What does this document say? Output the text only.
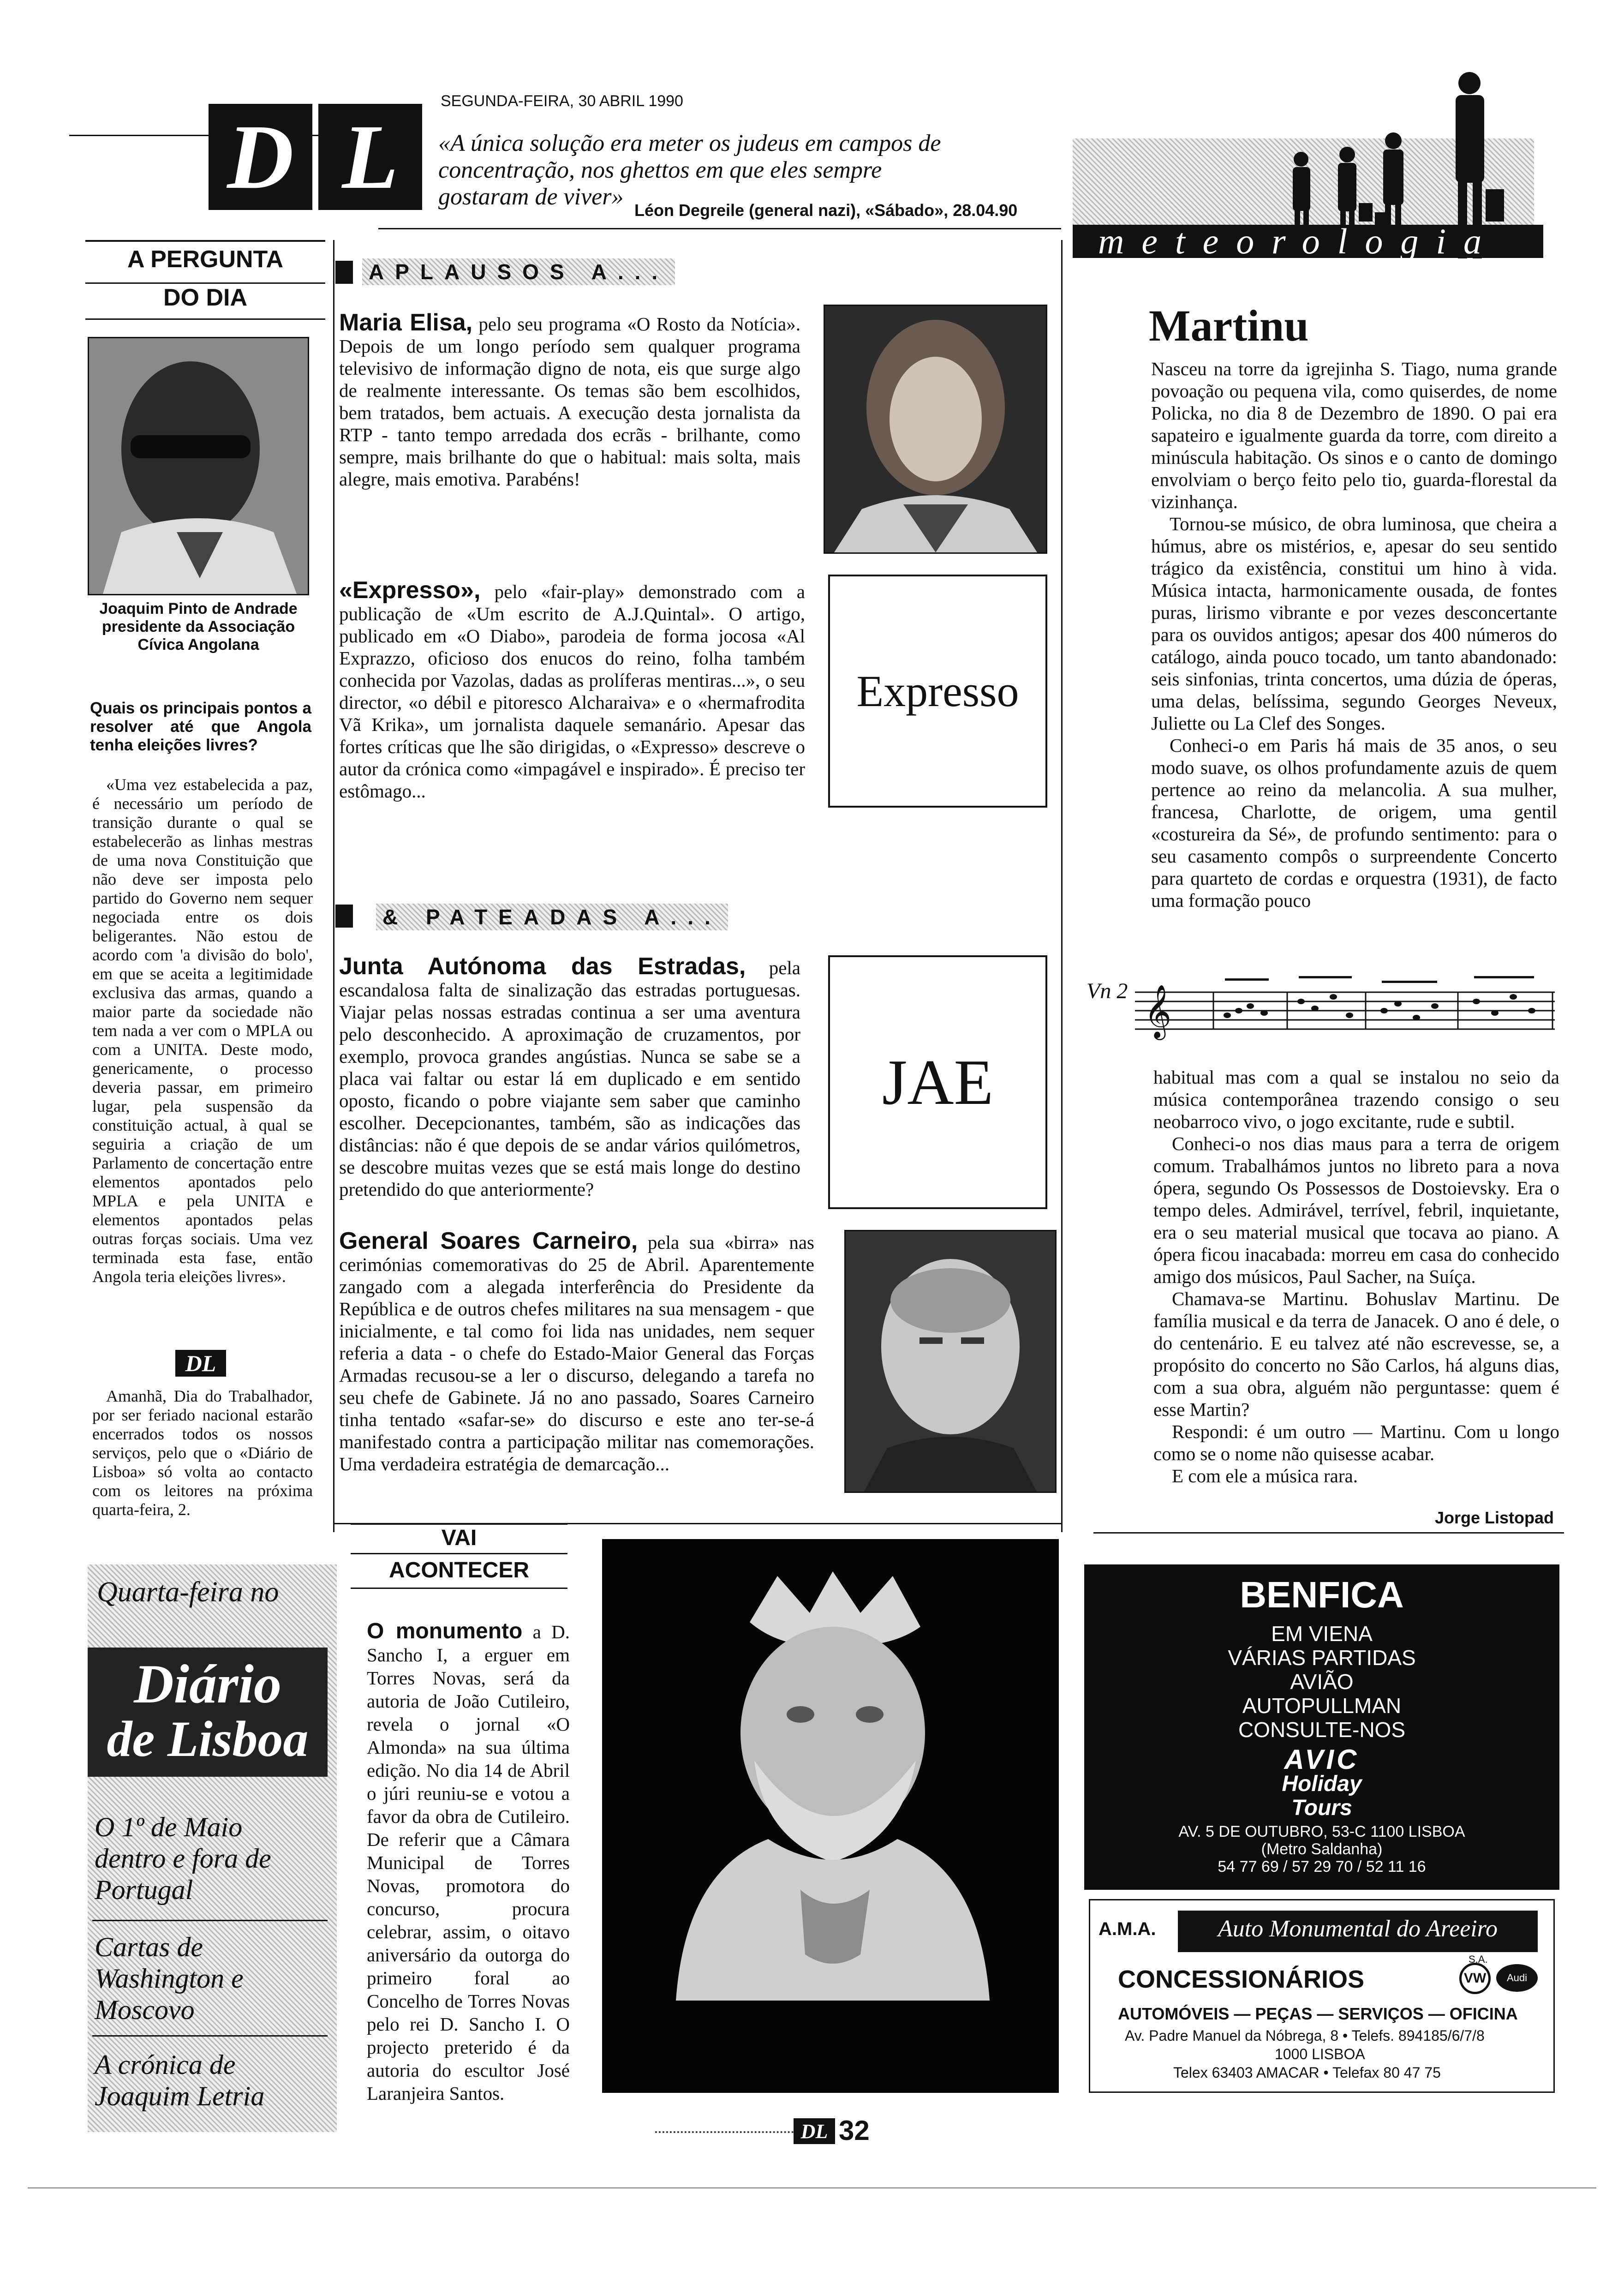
D L
SEGUNDA-FEIRA, 30 ABRIL 1990
«A única solução era meter os judeus em campos de concentração, nos ghettos em que eles sempre gostaram de viver»
Léon Degreile (general nazi), «Sábado», 28.04.90
meteorologia
A PERGUNTA
DO DIA
Joaquim Pinto de Andrade presidente da Associação Cívica Angolana
Quais os principais pontos a resolver até que Angola tenha eleições livres?
«Uma vez estabelecida a paz, é necessário um período de transição durante o qual se estabelecerão as linhas mestras de uma nova Constituição que não deve ser imposta pelo partido do Governo nem sequer negociada entre os dois beligerantes. Não estou de acordo com 'a divisão do bolo', em que se aceita a legitimidade exclusiva das armas, quando a maior parte da sociedade não tem nada a ver com o MPLA ou com a UNITA. Deste modo, genericamente, o processo deveria passar, em primeiro lugar, pela suspensão da constituição actual, à qual se seguiria a criação de um Parlamento de concertação entre elementos apontados pelo MPLA e pela UNITA e elementos apontados pelas outras forças sociais. Uma vez terminada esta fase, então Angola teria eleições livres».
DL
Amanhã, Dia do Trabalhador, por ser feriado nacional estarão encerrados todos os nossos serviços, pelo que o «Diário de Lisboa» só volta ao contacto com os leitores na próxima quarta-feira, 2.
Quarta-feira no
Diário
de Lisboa
O 1º de Maio dentro e fora de Portugal
Cartas de Washington e Moscovo
A crónica de Joaquim Letria
APLAUSOS A...
Maria Elisa, pelo seu programa «O Rosto da Notícia». Depois de um longo período sem qualquer programa televisivo de informação digno de nota, eis que surge algo de realmente interessante. Os temas são bem escolhidos, bem tratados, bem actuais. A execução desta jornalista da RTP - tanto tempo arredada dos ecrãs - brilhante, como sempre, mais brilhante do que o habitual: mais solta, mais alegre, mais emotiva. Parabéns!
«Expresso», pelo «fair-play» demonstrado com a publicação de «Um escrito de A.J.Quintal». O artigo, publicado em «O Diabo», parodeia de forma jocosa «Al Exprazzo, oficioso dos enucos do reino, folha também conhecida por Vazolas, dadas as prolíferas mentiras...», o seu director, «o débil e pitoresco Alcharaiva» e o «hermafrodita Vã Krika», um jornalista daquele semanário. Apesar das fortes críticas que lhe são dirigidas, o «Expresso» descreve o autor da crónica como «impagável e inspirado». É preciso ter estômago...
Expresso
& PATEADAS A...
Junta Autónoma das Estradas, pela escandalosa falta de sinalização das estradas portuguesas. Viajar pelas nossas estradas continua a ser uma aventura pelo desconhecido. A aproximação de cruzamentos, por exemplo, provoca grandes angústias. Nunca se sabe se a placa vai faltar ou estar lá em duplicado e em sentido oposto, ficando o pobre viajante sem saber que caminho escolher. Decepcionantes, também, são as indicações das distâncias: não é que depois de se andar vários quilómetros, se descobre muitas vezes que se está mais longe do destino pretendido do que anteriormente?
JAE
General Soares Carneiro, pela sua «birra» nas cerimónias comemorativas do 25 de Abril. Aparentemente zangado com a alegada interferência do Presidente da República e de outros chefes militares na sua mensagem - que inicialmente, e tal como foi lida nas unidades, nem sequer referia a data - o chefe do Estado-Maior General das Forças Armadas recusou-se a ler o discurso, delegando a tarefa no seu chefe de Gabinete. Já no ano passado, Soares Carneiro tinha tentado «safar-se» do discurso e este ano ter-se-á manifestado contra a participação militar nas comemorações. Uma verdadeira estratégia de demarcação...
VAI
ACONTECER
O monumento a D. Sancho I, a erguer em Torres Novas, será da autoria de João Cutileiro, revela o jornal «O Almonda» na sua última edição. No dia 14 de Abril o júri reuniu-se e votou a favor da obra de Cutileiro. De referir que a Câmara Municipal de Torres Novas, promotora do concurso, procura celebrar, assim, o oitavo aniversário da outorga do primeiro foral ao Concelho de Torres Novas pelo rei D. Sancho I. O projecto preterido é da autoria do escultor José Laranjeira Santos.
Martinu
Nasceu na torre da igrejinha S. Tiago, numa grande povoação ou pequena vila, como quiserdes, de nome Policka, no dia 8 de Dezembro de 1890. O pai era sapateiro e igualmente guarda da torre, com direito a minúscula habitação. Os sinos e o canto de domingo envolviam o berço feito pelo tio, guarda-florestal da vizinhança.
Tornou-se músico, de obra luminosa, que cheira a húmus, abre os mistérios, e, apesar do seu sentido trágico da existência, constitui um hino à vida. Música intacta, harmonicamente ousada, de fontes puras, lirismo vibrante e por vezes desconcertante para os ouvidos antigos; apesar dos 400 números do catálogo, ainda pouco tocado, um tanto abandonado: seis sinfonias, trinta concertos, uma dúzia de óperas, uma delas, belíssima, segundo Georges Neveux, Juliette ou La Clef des Songes.
Conheci-o em Paris há mais de 35 anos, o seu modo suave, os olhos profundamente azuis de quem pertence ao reino da melancolia. A sua mulher, francesa, Charlotte, de origem, uma gentil «costureira da Sé», de profundo sentimento: para o seu casamento compôs o surpreendente Concerto para quarteto de cordas e orquestra (1931), de facto uma formação pouco
Vn 2 𝄞
habitual mas com a qual se instalou no seio da música contemporânea trazendo consigo o seu neobarroco vivo, o jogo excitante, rude e subtil.
Conheci-o nos dias maus para a terra de origem comum. Trabalhámos juntos no libreto para a nova ópera, segundo Os Possessos de Dostoievsky. Era o tempo deles. Admirável, terrível, febril, inquietante, era o seu material musical que tocava ao piano. A ópera ficou inacabada: morreu em casa do conhecido amigo dos músicos, Paul Sacher, na Suíça.
Chamava-se Martinu. Bohuslav Martinu. De família musical e da terra de Janacek. O ano é dele, o do centenário. E eu talvez até não escrevesse, se, a propósito do concerto no São Carlos, há alguns dias, com a sua obra, alguém não perguntasse: quem é esse Martin?
Respondi: é um outro — Martinu. Com u longo como se o nome não quisesse acabar.
E com ele a música rara.
Jorge Listopad
BENFICA
EM VIENA
VÁRIAS PARTIDAS
AVIÃO
AUTOPULLMAN
CONSULTE-NOS
AVIC
Holiday
Tours
AV. 5 DE OUTUBRO, 53-C 1100 LISBOA
(Metro Saldanha)
54 77 69 / 57 29 70 / 52 11 16
A.M.A.	Auto Monumental do Areeiro
S.A.
CONCESSIONÁRIOS	VW	Audi
AUTOMÓVEIS — PEÇAS — SERVIÇOS — OFICINA
Av. Padre Manuel da Nóbrega, 8 • Telefs. 894185/6/7/8
1000 LISBOA
Telex 63403 AMACAR • Telefax 80 47 75
DL 32
